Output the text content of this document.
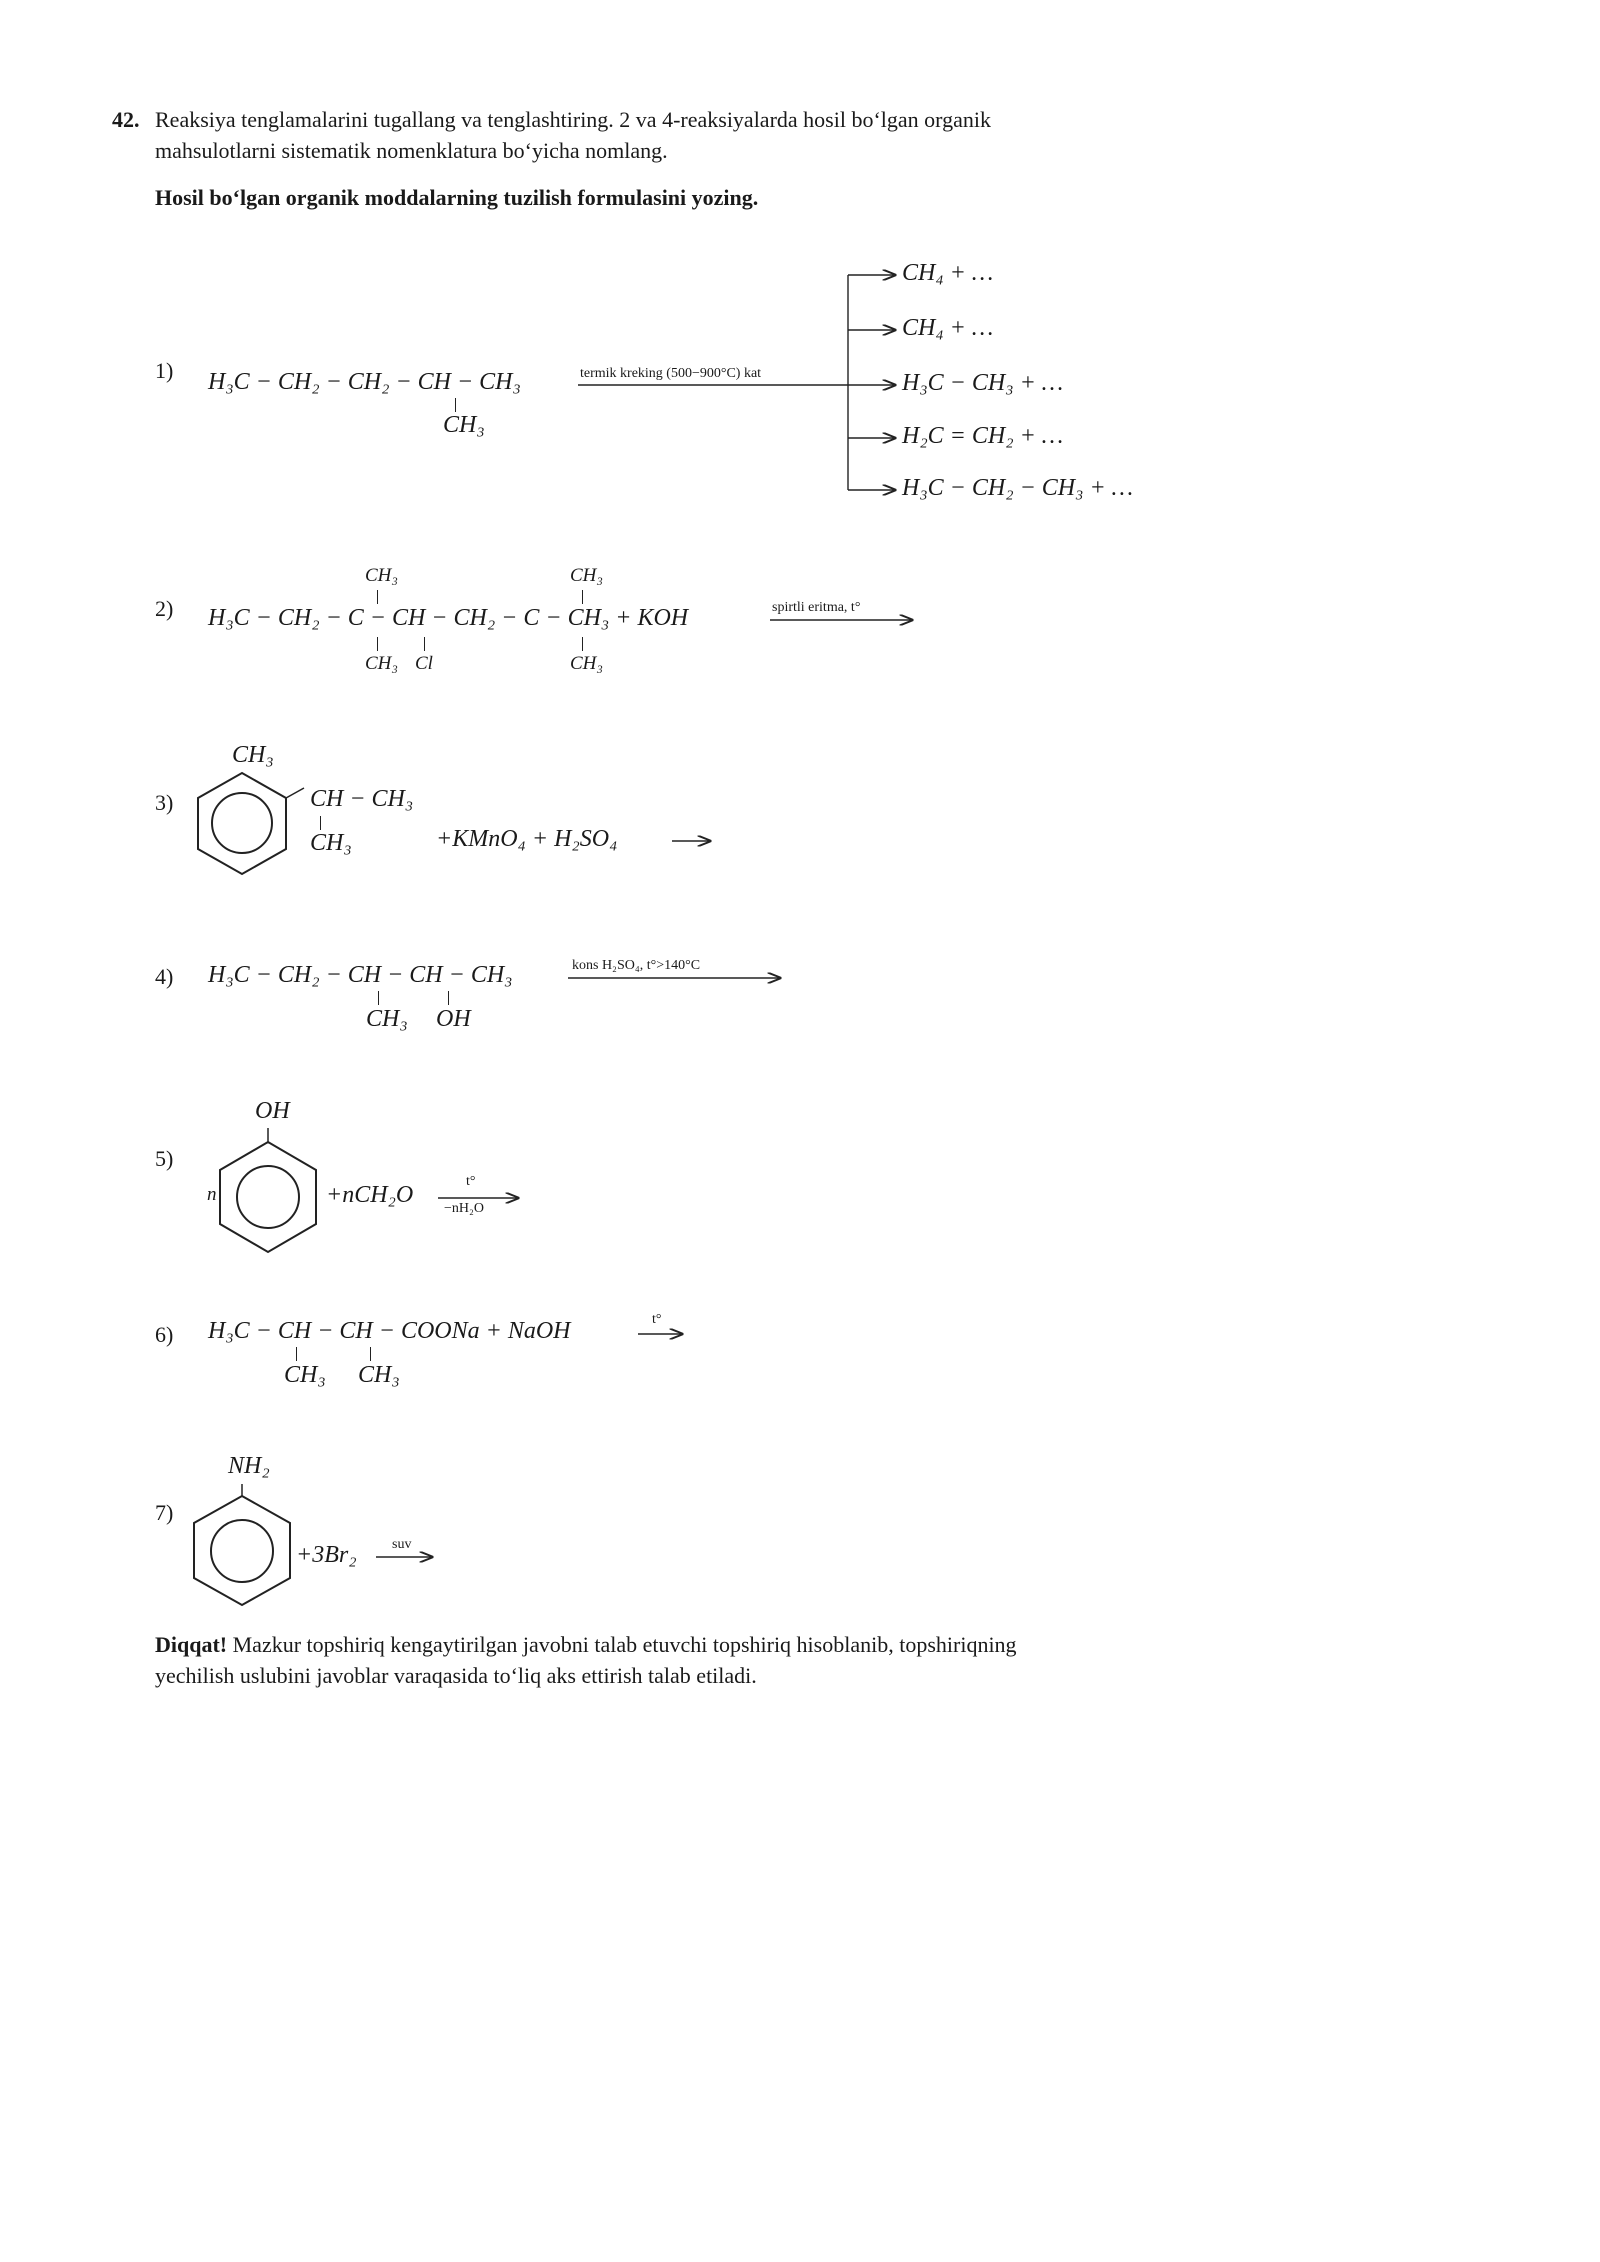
42. Reaksiya tenglamalarini tugallang va tenglashtiring. 2 va 4-reaksiyalarda hosil bo‘lgan organik
mahsulotlarni sistematik nomenklatura bo‘yicha nomlang.
Hosil bo‘lgan organik moddalarning tuzilish formulasini yozing.
1) H₃C − CH₂ − CH₂ − CH − CH₃
CH₃
termik kreking (500−900°C) kat
CH₄ + …
CH₄ + …
H₃C − CH₃ + …
H₂C = CH₂ + …
H₃C − CH₂ − CH₃ + …
2)
CH₃	CH₃
H₃C − CH₂ − C − CH − CH₂ − C − CH₃ + KOH
CH₃ Cl	CH₃
spirtli eritma, t°
3)
CH₃
CH − CH₃
CH₃	+KMnO₄ + H₂SO₄
4) H₃C − CH₂ − CH − CH − CH₃
CH₃ OH
kons H₂SO₄, t°>140°C
5)
OH
n	+nCH₂O
t°
−nH₂O
6) H₃C − CH − CH − COONa + NaOH
CH₃ CH₃
t°
7)
NH₂
+3Br₂	suv
Diqqat! Mazkur topshiriq kengaytirilgan javobni talab etuvchi topshiriq hisoblanib, topshiriqning
yechilish uslubini javoblar varaqasida to‘liq aks ettirish talab etiladi.
